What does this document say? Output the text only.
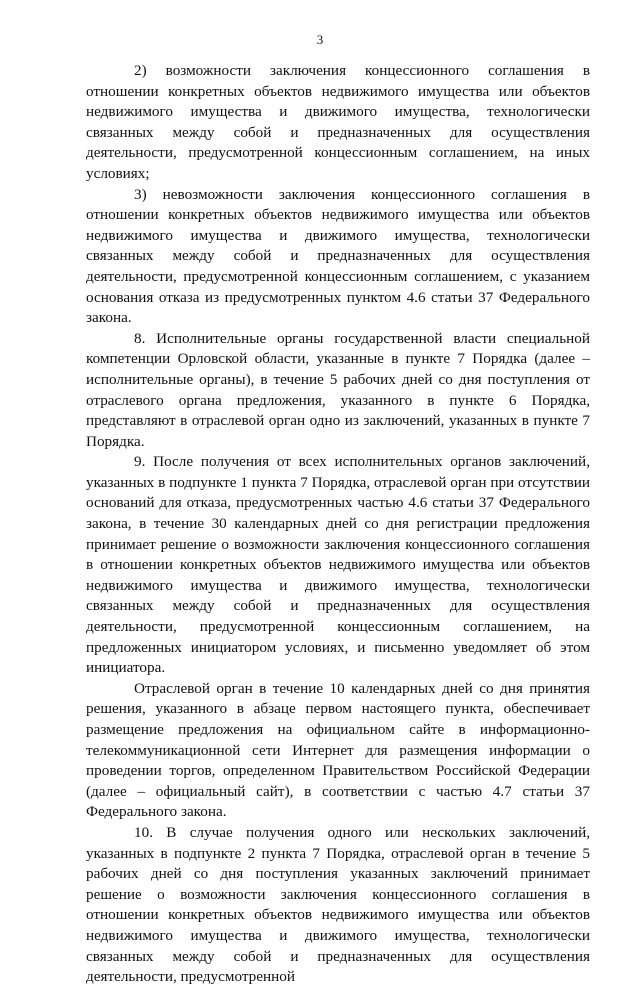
3

2) возможности заключения концессионного соглашения в отношении конкретных объектов недвижимого имущества или объектов недвижимого имущества и движимого имущества, технологически связанных между собой и предназначенных для осуществления деятельности, предусмотренной концессионным соглашением, на иных условиях;

3) невозможности заключения концессионного соглашения в отношении конкретных объектов недвижимого имущества или объектов недвижимого имущества и движимого имущества, технологически связанных между собой и предназначенных для осуществления деятельности, предусмотренной концессионным соглашением, с указанием основания отказа из предусмотренных пунктом 4.6 статьи 37 Федерального закона.

8. Исполнительные органы государственной власти специальной компетенции Орловской области, указанные в пункте 7 Порядка (далее – исполнительные органы), в течение 5 рабочих дней со дня поступления от отраслевого органа предложения, указанного в пункте 6 Порядка, представляют в отраслевой орган одно из заключений, указанных в пункте 7 Порядка.

9. После получения от всех исполнительных органов заключений, указанных в подпункте 1 пункта 7 Порядка, отраслевой орган при отсутствии оснований для отказа, предусмотренных частью 4.6 статьи 37 Федерального закона, в течение 30 календарных дней со дня регистрации предложения принимает решение о возможности заключения концессионного соглашения в отношении конкретных объектов недвижимого имущества или объектов недвижимого имущества и движимого имущества, технологически связанных между собой и предназначенных для осуществления деятельности, предусмотренной концессионным соглашением, на предложенных инициатором условиях, и письменно уведомляет об этом инициатора.

Отраслевой орган в течение 10 календарных дней со дня принятия решения, указанного в абзаце первом настоящего пункта, обеспечивает размещение предложения на официальном сайте в информационно-телекоммуникационной сети Интернет для размещения информации о проведении торгов, определенном Правительством Российской Федерации (далее – официальный сайт), в соответствии с частью 4.7 статьи 37 Федерального закона.

10. В случае получения одного или нескольких заключений, указанных в подпункте 2 пункта 7 Порядка, отраслевой орган в течение 5 рабочих дней со дня поступления указанных заключений принимает решение о возможности заключения концессионного соглашения в отношении конкретных объектов недвижимого имущества или объектов недвижимого имущества и движимого имущества, технологически связанных между собой и предназначенных для осуществления деятельности, предусмотренной
